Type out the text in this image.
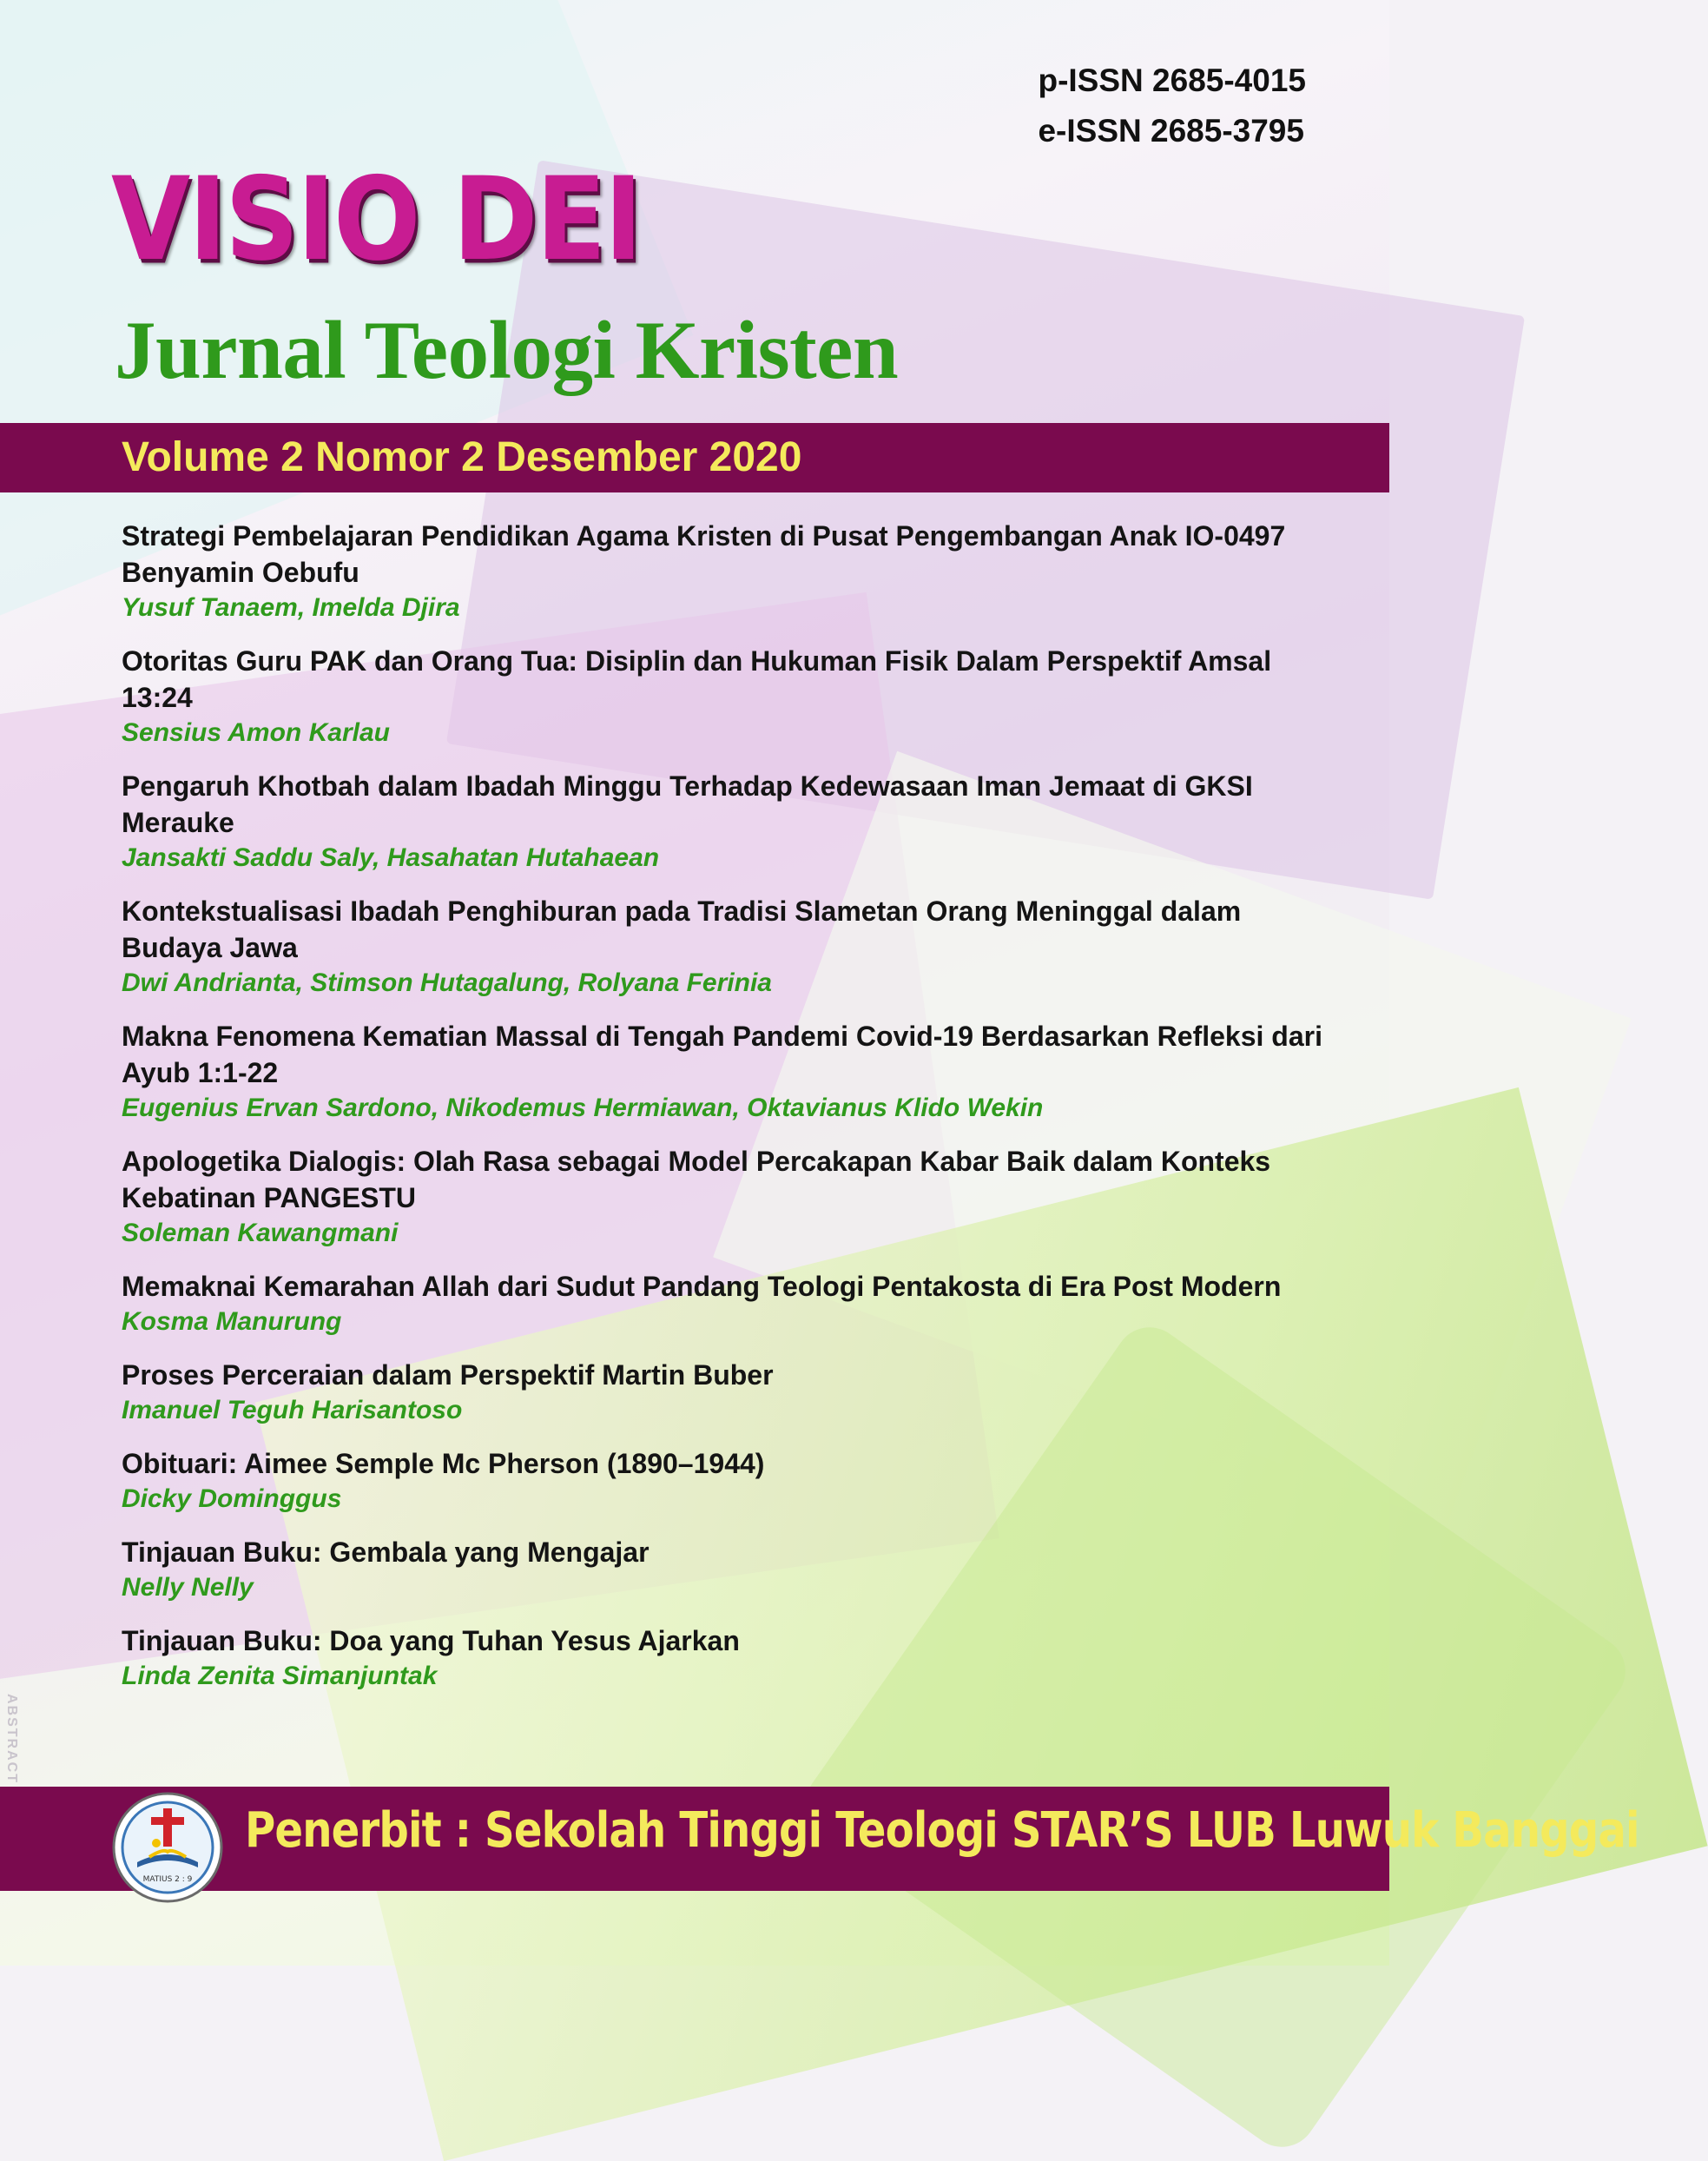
p-ISSN 2685-4015
e-ISSN 2685-3795
VISIO DEI
Jurnal Teologi Kristen
Volume 2 Nomor 2 Desember 2020
Strategi Pembelajaran Pendidikan Agama Kristen di Pusat Pengembangan Anak IO-0497 Benyamin Oebufu
Yusuf Tanaem, Imelda Djira
Otoritas Guru PAK dan Orang Tua: Disiplin dan Hukuman Fisik Dalam Perspektif Amsal 13:24
Sensius Amon Karlau
Pengaruh Khotbah dalam Ibadah Minggu Terhadap Kedewasaan Iman Jemaat di GKSI Merauke
Jansakti Saddu Saly, Hasahatan Hutahaean
Kontekstualisasi Ibadah Penghiburan pada Tradisi Slametan Orang Meninggal dalam Budaya Jawa
Dwi Andrianta, Stimson Hutagalung, Rolyana Ferinia
Makna Fenomena Kematian Massal di Tengah Pandemi Covid-19 Berdasarkan Refleksi dari Ayub 1:1-22
Eugenius Ervan Sardono, Nikodemus Hermiawan, Oktavianus Klido Wekin
Apologetika Dialogis: Olah Rasa sebagai Model Percakapan Kabar Baik dalam Konteks Kebatinan PANGESTU
Soleman Kawangmani
Memaknai Kemarahan Allah dari Sudut Pandang Teologi Pentakosta di Era Post Modern
Kosma Manurung
Proses Perceraian dalam Perspektif Martin Buber
Imanuel Teguh Harisantoso
Obituari: Aimee Semple Mc Pherson (1890–1944)
Dicky Dominggus
Tinjauan Buku: Gembala yang Mengajar
Nelly Nelly
Tinjauan Buku: Doa yang Tuhan Yesus Ajarkan
Linda Zenita Simanjuntak
ABSTRACT
MATIUS 2 : 9
Penerbit : Sekolah Tinggi Teologi STAR’S LUB Luwuk Banggai
